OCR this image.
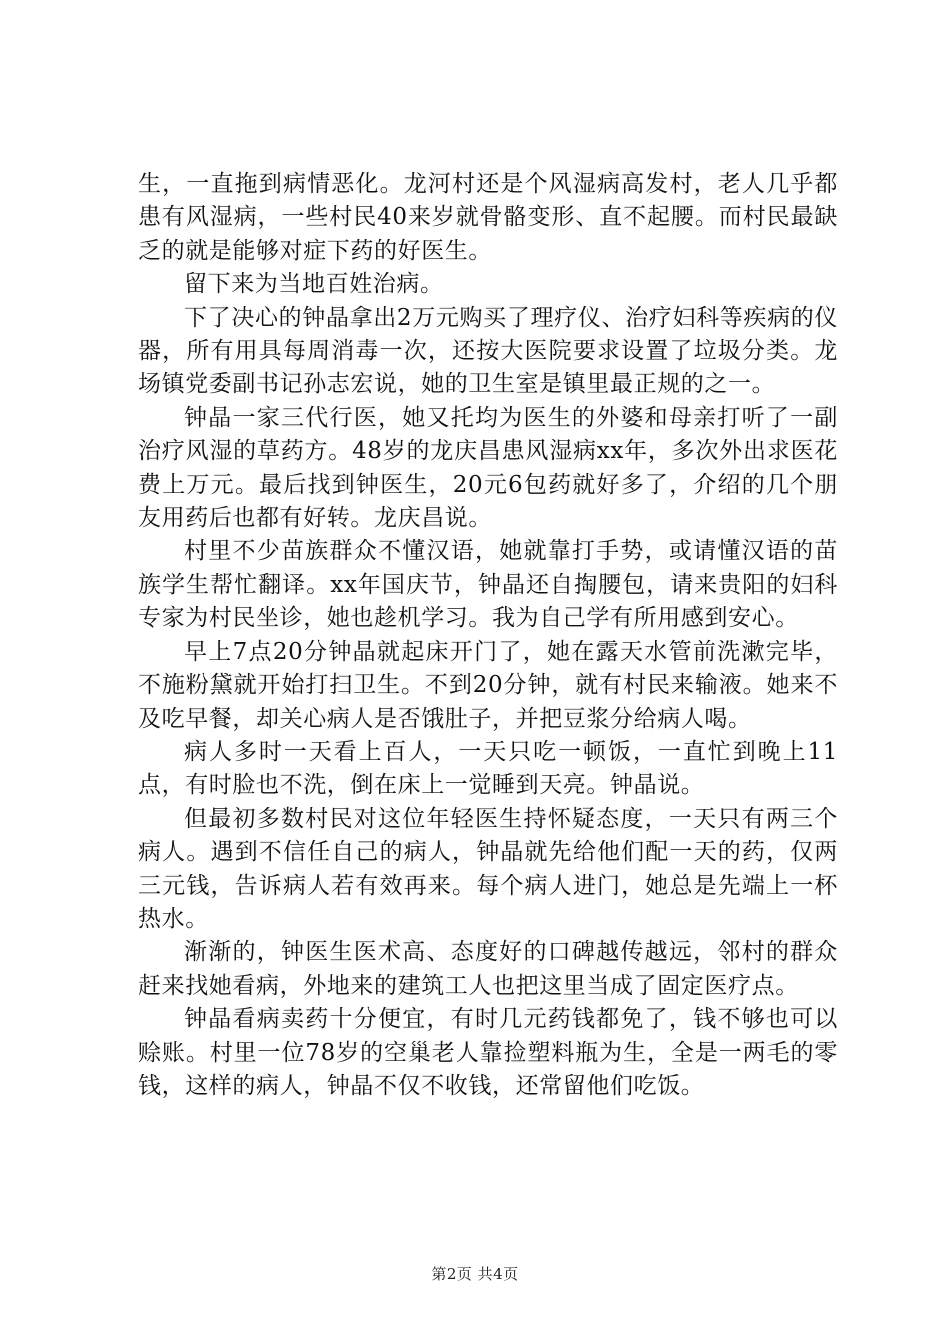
生，一直拖到病情恶化。龙河村还是个风湿病高发村，老人几乎都患有风湿病，一些村民40来岁就骨骼变形、直不起腰。而村民最缺乏的就是能够对症下药的好医生。

留下来为当地百姓治病。

下了决心的钟晶拿出2万元购买了理疗仪、治疗妇科等疾病的仪器，所有用具每周消毒一次，还按大医院要求设置了垃圾分类。龙场镇党委副书记孙志宏说，她的卫生室是镇里最正规的之一。

钟晶一家三代行医，她又托均为医生的外婆和母亲打听了一副治疗风湿的草药方。48岁的龙庆昌患风湿病xx年，多次外出求医花费上万元。最后找到钟医生，20元6包药就好多了，介绍的几个朋友用药后也都有好转。龙庆昌说。

村里不少苗族群众不懂汉语，她就靠打手势，或请懂汉语的苗族学生帮忙翻译。xx年国庆节，钟晶还自掏腰包，请来贵阳的妇科专家为村民坐诊，她也趁机学习。我为自己学有所用感到安心。

早上7点20分钟晶就起床开门了，她在露天水管前洗漱完毕，不施粉黛就开始打扫卫生。不到20分钟，就有村民来输液。她来不及吃早餐，却关心病人是否饿肚子，并把豆浆分给病人喝。

病人多时一天看上百人，一天只吃一顿饭，一直忙到晚上11点，有时脸也不洗，倒在床上一觉睡到天亮。钟晶说。

但最初多数村民对这位年轻医生持怀疑态度，一天只有两三个病人。遇到不信任自己的病人，钟晶就先给他们配一天的药，仅两三元钱，告诉病人若有效再来。每个病人进门，她总是先端上一杯热水。

渐渐的，钟医生医术高、态度好的口碑越传越远，邻村的群众赶来找她看病，外地来的建筑工人也把这里当成了固定医疗点。

钟晶看病卖药十分便宜，有时几元药钱都免了，钱不够也可以赊账。村里一位78岁的空巢老人靠捡塑料瓶为生，全是一两毛的零钱，这样的病人，钟晶不仅不收钱，还常留他们吃饭。

第2页 共4页
